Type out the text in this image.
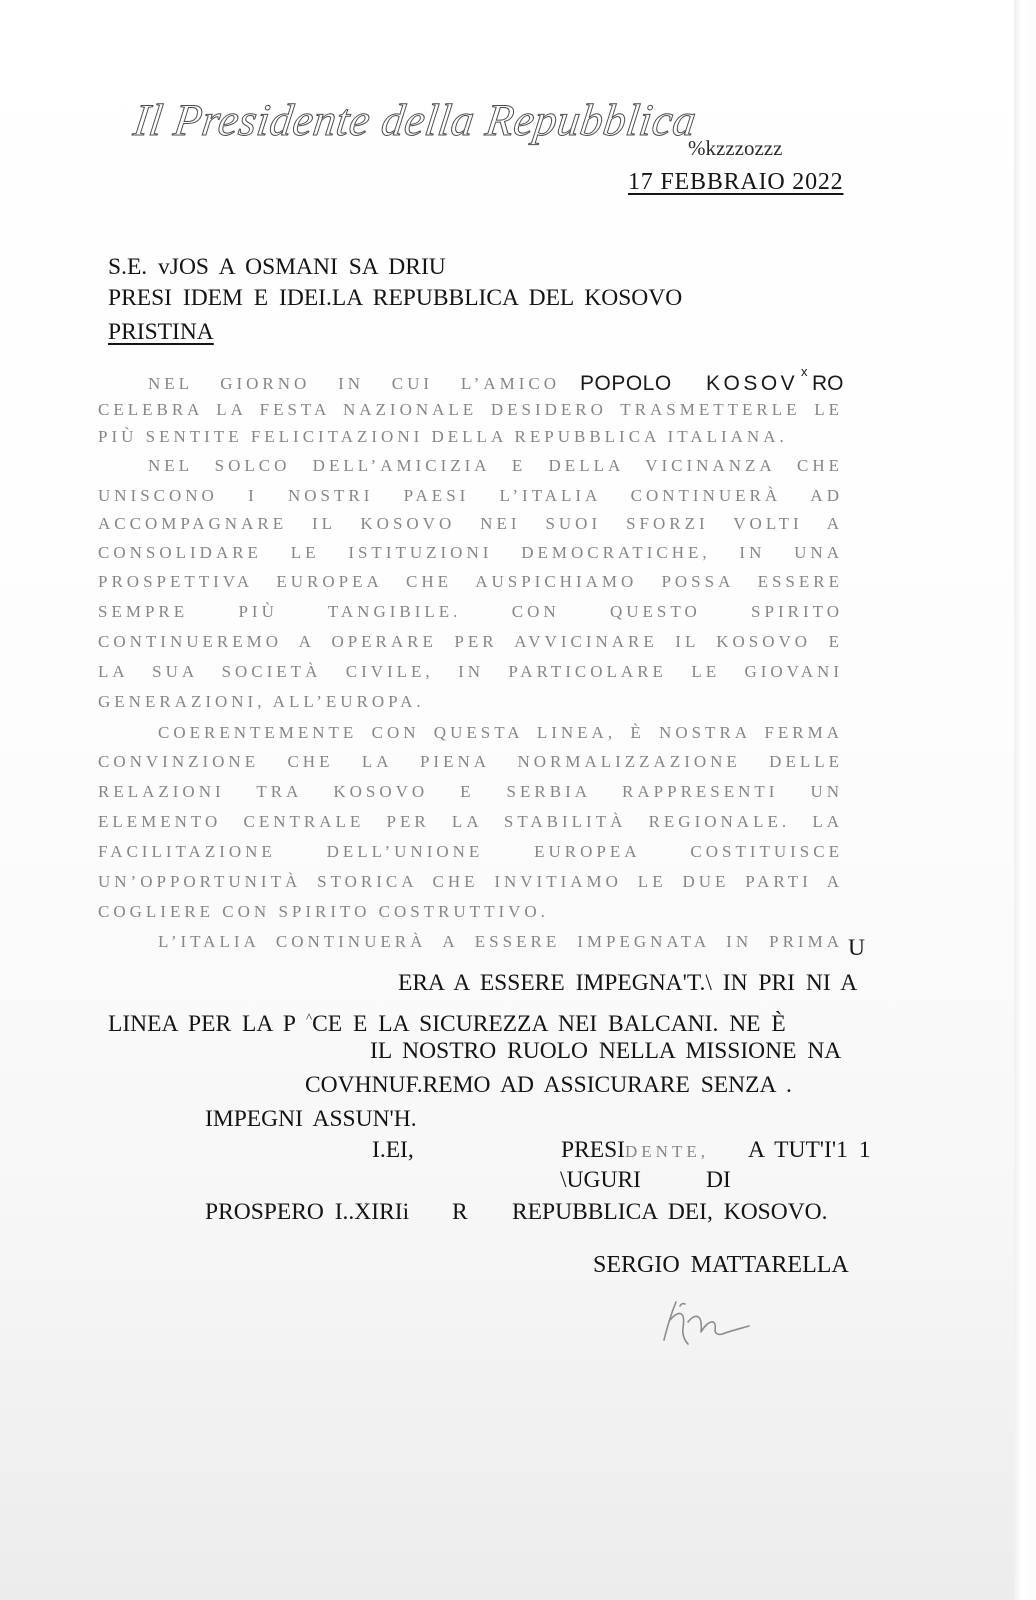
Il Presidente della Repubblica
%kzzzozzz
17 FEBBRAIO 2022
S.E. vJOS A OSMANI SA DRIU
PRESI IDEM E IDEI.LA REPUBBLICA DEL KOSOVO
PRISTINA
NEL GIORNO IN CUI L’AMICO POPOLO KOSOV
x
RO
CELEBRA LA FESTA NAZIONALE DESIDERO TRASMETTERLE LE
PIÙ SENTITE FELICITAZIONI DELLA REPUBBLICA ITALIANA.
NEL SOLCO DELL’AMICIZIA E DELLA VICINANZA CHE
UNISCONO I NOSTRI PAESI L’ITALIA CONTINUERÀ AD
ACCOMPAGNARE IL KOSOVO NEI SUOI SFORZI VOLTI A
CONSOLIDARE LE ISTITUZIONI DEMOCRATICHE, IN UNA
PROSPETTIVA EUROPEA CHE AUSPICHIAMO POSSA ESSERE
SEMPRE PIÙ TANGIBILE. CON QUESTO SPIRITO
CONTINUEREMO A OPERARE PER AVVICINARE IL KOSOVO E
LA SUA SOCIETÀ CIVILE, IN PARTICOLARE LE GIOVANI
GENERAZIONI, ALL’EUROPA.
COERENTEMENTE CON QUESTA LINEA, È NOSTRA FERMA
CONVINZIONE CHE LA PIENA NORMALIZZAZIONE DELLE
RELAZIONI TRA KOSOVO E SERBIA RAPPRESENTI UN
ELEMENTO CENTRALE PER LA STABILITÀ REGIONALE. LA
FACILITAZIONE DELL’UNIONE EUROPEA COSTITUISCE
UN’OPPORTUNITÀ STORICA CHE INVITIAMO LE DUE PARTI A
COGLIERE CON SPIRITO COSTRUTTIVO.
L’ITALIA CONTINUERÀ A ESSERE IMPEGNATA IN PRIMA U
ERA A ESSERE IMPEGNA'T.\ IN PRI NI A
LINEA PER LA P ^CE E LA SICUREZZA NEI BALCANI. NE È
IL NOSTRO RUOLO NELLA MISSIONE NA
COVHNUF.REMO AD ASSICURARE SENZA .
IMPEGNI ASSUN'H.
I.EI,	PRESIDENTE, A TUT'I'1 1
\UGURI	DI
PROSPERO I..XIRIi R REPUBBLICA DEI, KOSOVO.
SERGIO MATTARELLA
